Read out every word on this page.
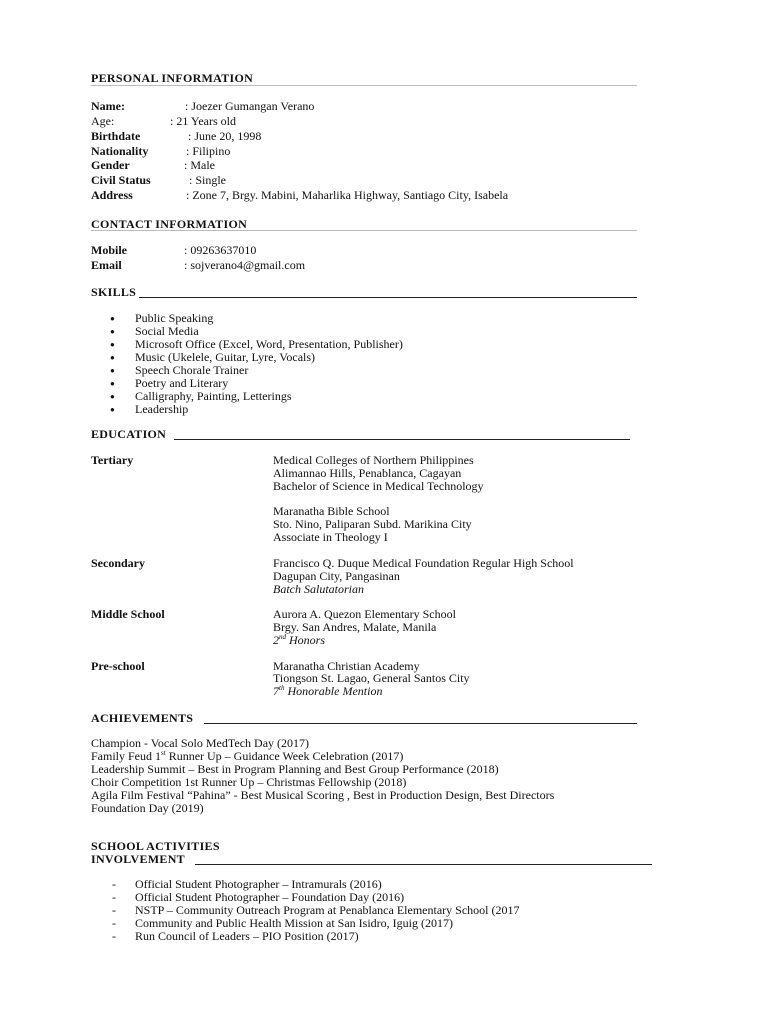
PERSONAL INFORMATION
Name:	: Joezer Gumangan Verano
Age:	: 21 Years old
Birthdate	: June 20, 1998
Nationality	: Filipino
Gender	: Male
Civil Status	: Single
Address	: Zone 7, Brgy. Mabini, Maharlika Highway, Santiago City, Isabela
CONTACT INFORMATION
Mobile	: 09263637010
Email	: sojverano4@gmail.com
SKILLS
● Public Speaking
● Social Media
● Microsoft Office (Excel, Word, Presentation, Publisher)
● Music (Ukelele, Guitar, Lyre, Vocals)
● Speech Chorale Trainer
● Poetry and Literary
● Calligraphy, Painting, Letterings
● Leadership
EDUCATION
Tertiary	Medical Colleges of Northern Philippines
Alimannao Hills, Penablanca, Cagayan
Bachelor of Science in Medical Technology
Maranatha Bible School
Sto. Nino, Paliparan Subd. Marikina City
Associate in Theology I
Secondary	Francisco Q. Duque Medical Foundation Regular High School
Dagupan City, Pangasinan
Batch Salutatorian
Middle School	Aurora A. Quezon Elementary School
Brgy. San Andres, Malate, Manila
2nd Honors
Pre-school	Maranatha Christian Academy
Tiongson St. Lagao, General Santos City
7th Honorable Mention
ACHIEVEMENTS
Champion - Vocal Solo MedTech Day (2017)
Family Feud 1st Runner Up – Guidance Week Celebration (2017)
Leadership Summit – Best in Program Planning and Best Group Performance (2018)
Choir Competition 1st Runner Up – Christmas Fellowship (2018)
Agila Film Festival “Pahina” - Best Musical Scoring , Best in Production Design, Best Directors
Foundation Day (2019)
SCHOOL ACTIVITIES
INVOLVEMENT
- Official Student Photographer – Intramurals (2016)
- Official Student Photographer – Foundation Day (2016)
- NSTP – Community Outreach Program at Penablanca Elementary School (2017
- Community and Public Health Mission at San Isidro, Iguig (2017)
- Run Council of Leaders – PIO Position (2017)
